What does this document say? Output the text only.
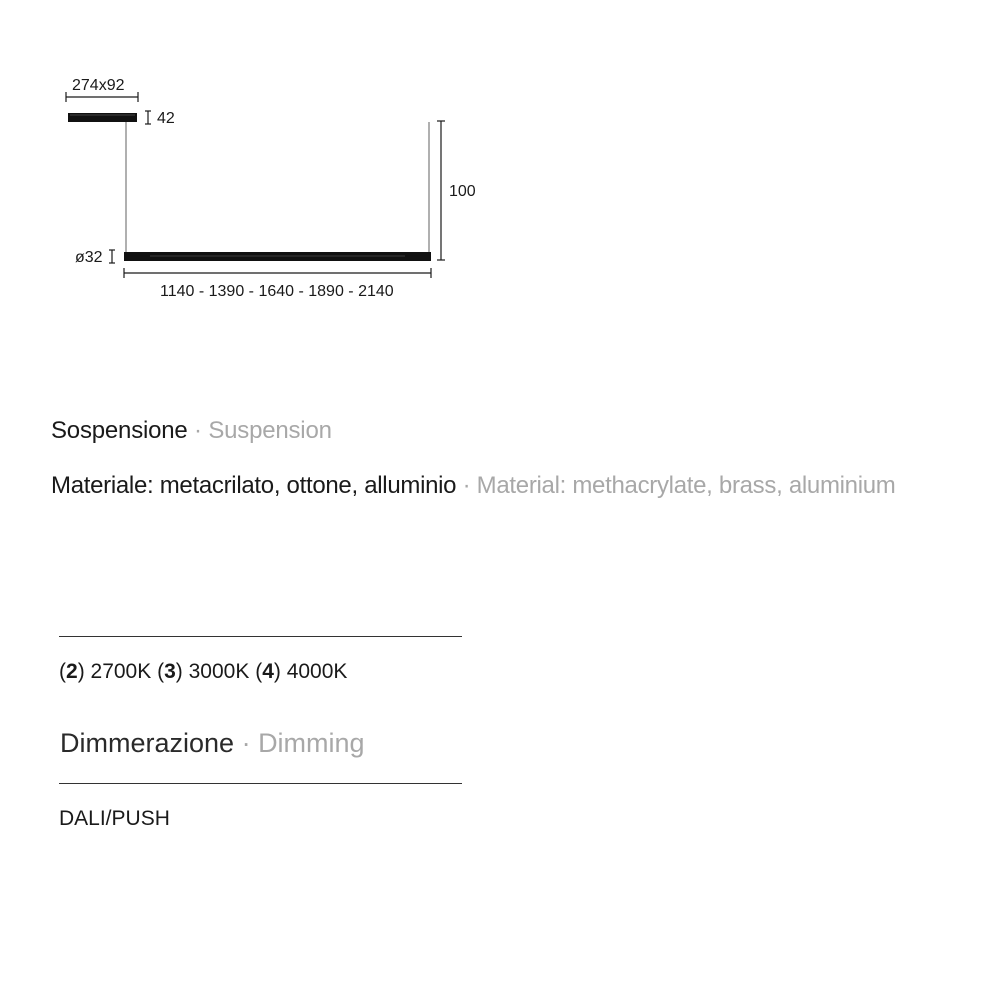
274x92
42
100
ø32
1140 - 1390 - 1640 - 1890 - 2140
Sospensione · Suspension
Materiale: metacrilato, ottone, alluminio · Material: methacrylate, brass, aluminium
(2) 2700K (3) 3000K (4) 4000K
Dimmerazione · Dimming
DALI/PUSH
